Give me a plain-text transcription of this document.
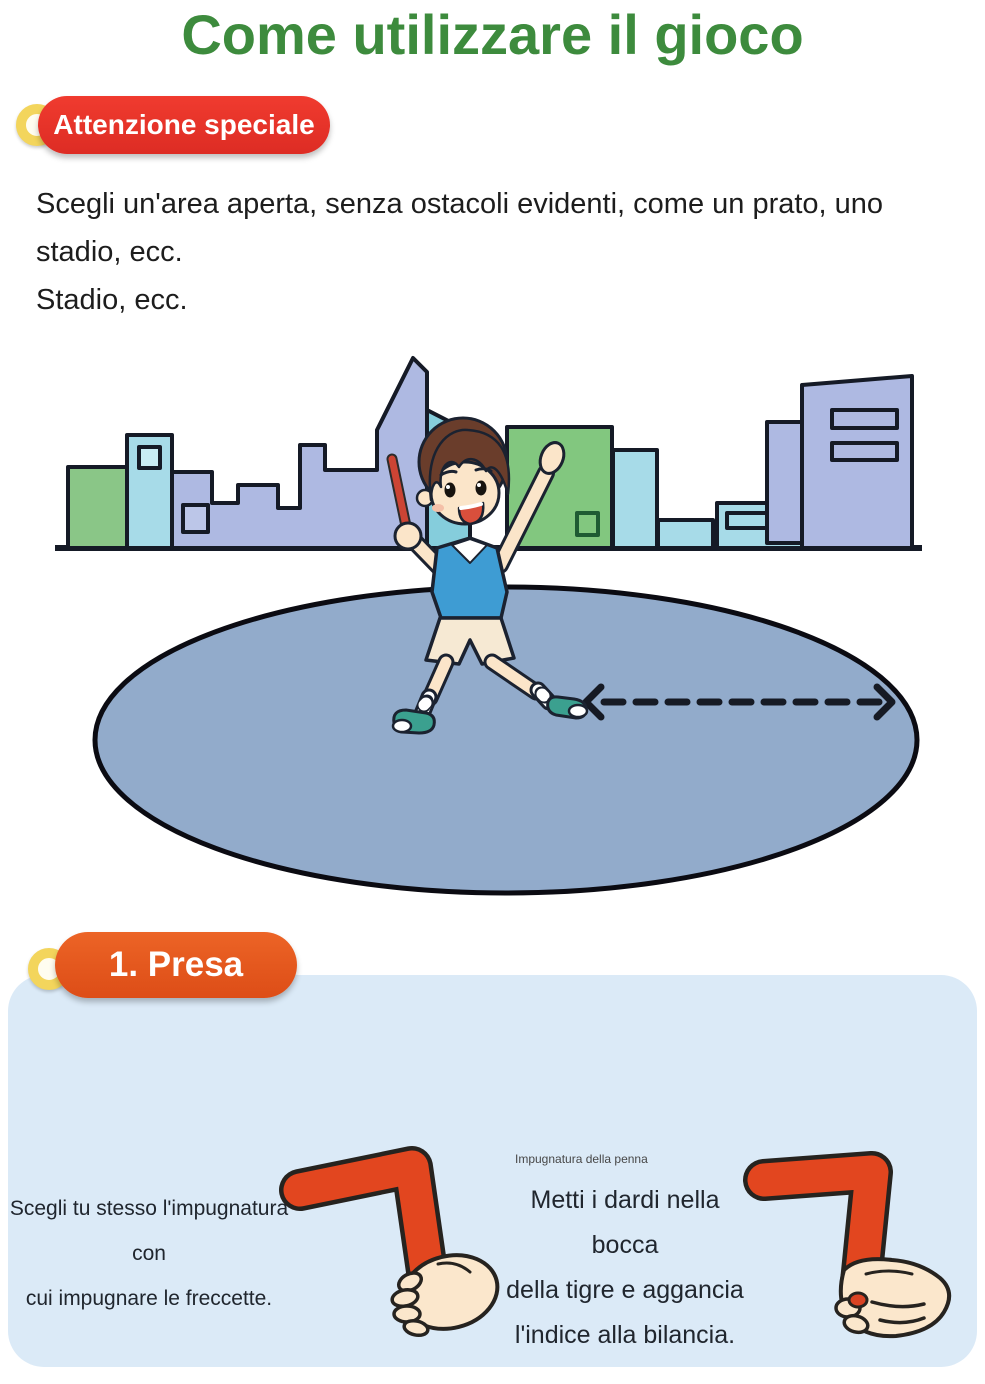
Come utilizzare il gioco
Attenzione speciale
Scegli un'area aperta, senza ostacoli evidenti, come un prato, uno
stadio, ecc.
Stadio, ecc.
1. Presa
Scegli tu stesso l'impugnatura con
cui impugnare le freccette.
Impugnatura della penna
Metti i dardi nella bocca
della tigre e aggancia
l'indice alla bilancia.
